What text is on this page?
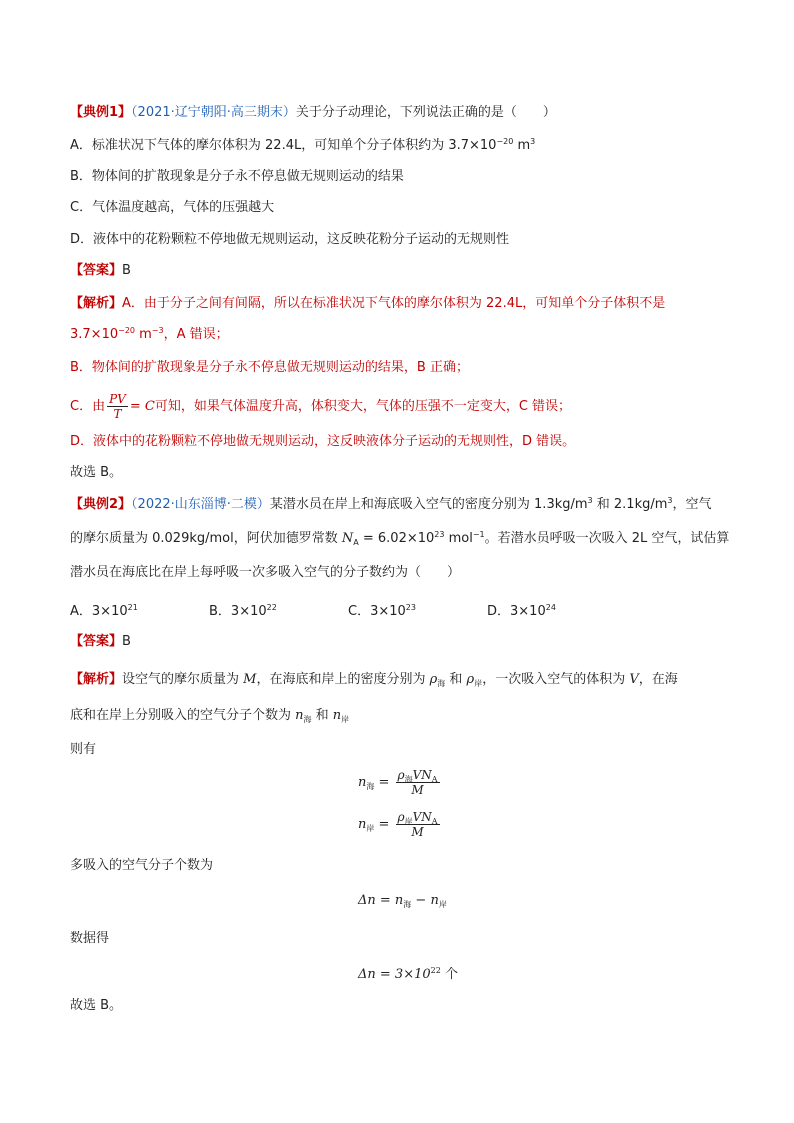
【典例1】（2021·辽宁朝阳·高三期末）关于分子动理论，下列说法正确的是（　　）
A．标准状况下气体的摩尔体积为 22.4L，可知单个分子体积约为 $3.7\times 10^{-20}$ $m^3$
B．物体间的扩散现象是分子永不停息做无规则运动的结果
C．气体温度越高，气体的压强越大
D．液体中的花粉颗粒不停地做无规则运动，这反映花粉分子运动的无规则性
【答案】B
【解析】A．由于分子之间有间隔，所以在标准状况下气体的摩尔体积为 22.4L，可知单个分子体积不是
$3.7\times 10^{-20}$ $m^{-3}$，A 错误；
B．物体间的扩散现象是分子永不停息做无规则运动的结果，B 正确；
C．由 $\frac{PV}{T} = C$可知，如果气体温度升高，体积变大，气体的压强不一定变大，C 错误；
D．液体中的花粉颗粒不停地做无规则运动，这反映液体分子运动的无规则性，D 错误。
故选 B。
【典例2】（2022·山东淄博·二模）某潜水员在岸上和海底吸入空气的密度分别为 $1.3kg/m^3$ 和 $2.1kg/m^3$，空气
的摩尔质量为 0.029kg/mol，阿伏加德罗常数 $N_A = 6.02\times 10^{23}$ mol$^{-1}$。若潜水员呼吸一次吸入 2L 空气，试估算
潜水员在海底比在岸上每呼吸一次多吸入空气的分子数约为（　　）
A．$3\times 10^{21}$	B．$3\times 10^{22}$	C．$3\times 10^{23}$	D．$3\times 10^{24}$
【答案】B
【解析】设空气的摩尔质量为 M，在海底和岸上的密度分别为 $\rho_海$ 和 $\rho_岸$，一次吸入空气的体积为 V，在海
底和在岸上分别吸入的空气分子个数为 $n_海$ 和 $n_岸$
则有
$n_海 = \frac{\rho_海VN_A}{M}$
$n_岸 = \frac{\rho_岸VN_A}{M}$
多吸入的空气分子个数为
$\Delta n = n_海 - n_岸$
数据得
$\Delta n = 3\times 10^{22}$ 个
故选 B。
